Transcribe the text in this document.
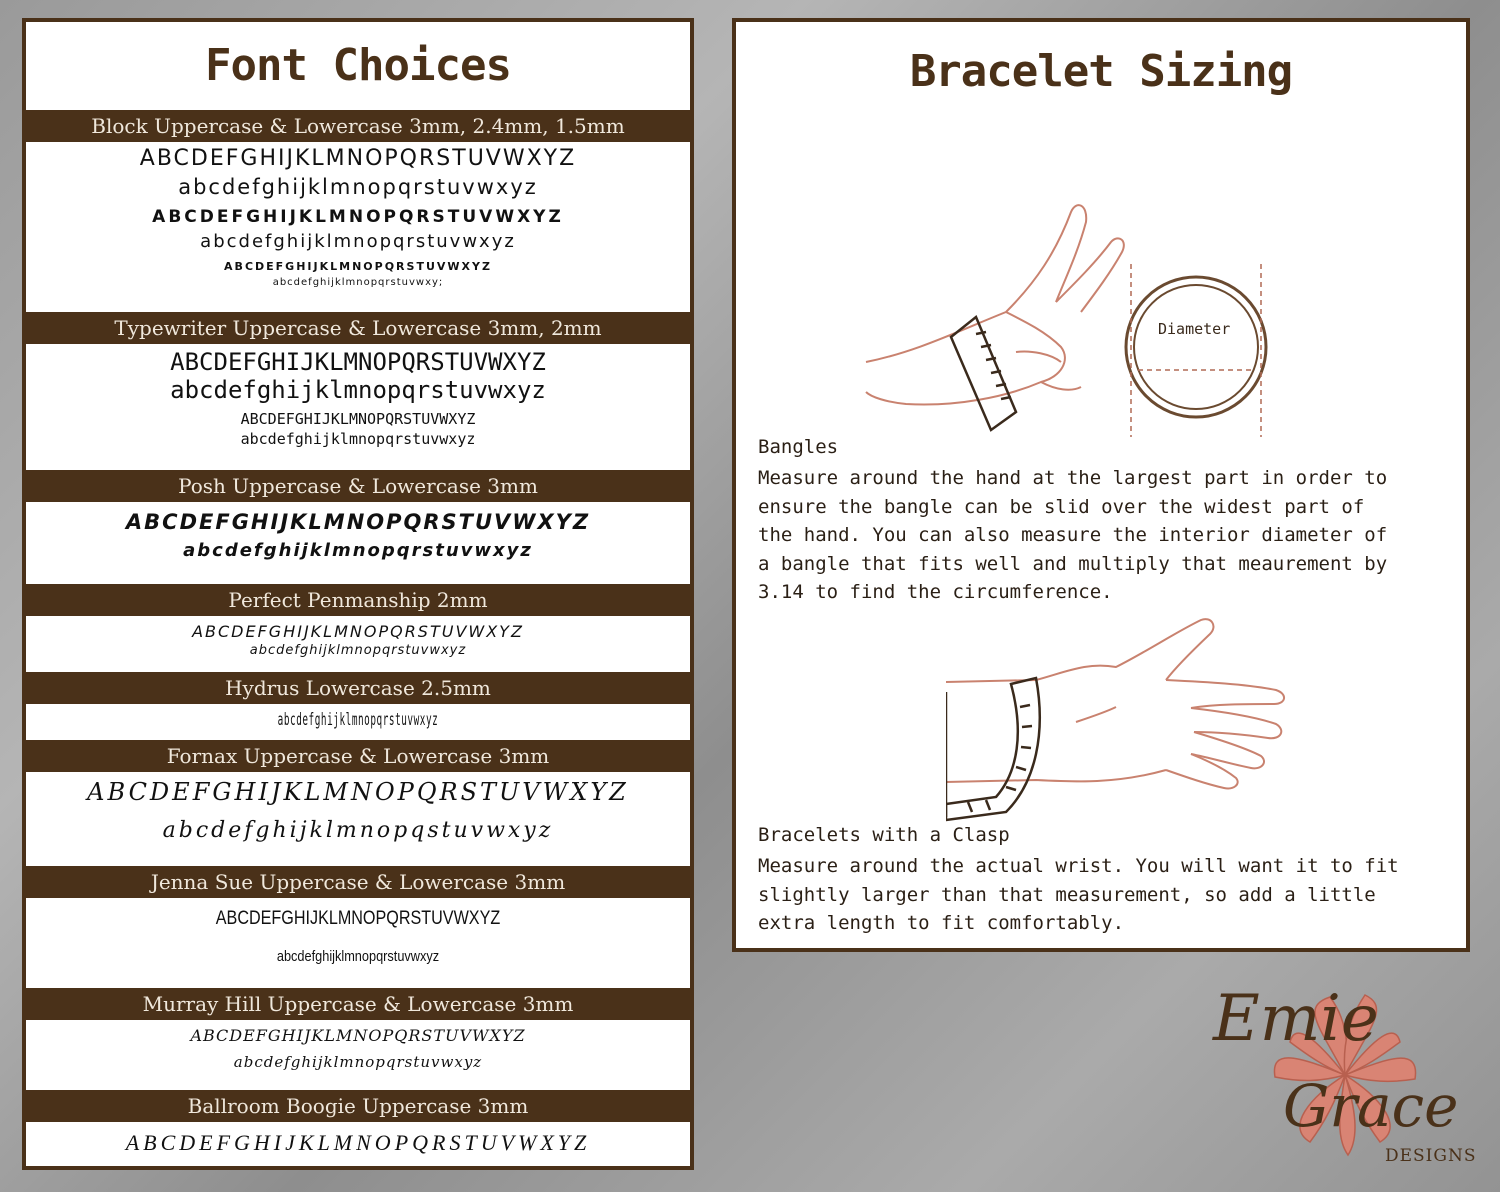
Font Choices
Block Uppercase & Lowercase 3mm, 2.4mm, 1.5mm
ABCDEFGHIJKLMNOPQRSTUVWXYZ
abcdefghijklmnopqrstuvwxyz
ABCDEFGHIJKLMNOPQRSTUVWXYZ
abcdefghijklmnopqrstuvwxyz
ABCDEFGHIJKLMNOPQRSTUVWXYZ
abcdefghijklmnopqrstuvwxy;
Typewriter Uppercase & Lowercase 3mm, 2mm
ABCDEFGHIJKLMNOPQRSTUVWXYZ
abcdefghijklmnopqrstuvwxyz
ABCDEFGHIJKLMNOPQRSTUVWXYZ
abcdefghijklmnopqrstuvwxyz
Posh Uppercase & Lowercase 3mm
ABCDEFGHIJKLMNOPQRSTUVWXYZ
abcdefghijklmnopqrstuvwxyz
Perfect Penmanship 2mm
ABCDEFGHIJKLMNOPQRSTUVWXYZ
abcdefghijklmnopqrstuvwxyz
Hydrus Lowercase 2.5mm
abcdefghijklmnopqrstuvwxyz
Fornax Uppercase & Lowercase 3mm
ABCDEFGHIJKLMNOPQRSTUVWXYZ
abcdefghijklmnopqstuvwxyz
Jenna Sue Uppercase & Lowercase 3mm
ABCDEFGHIJKLMNOPQRSTUVWXYZ
abcdefghijklmnopqrstuvwxyz
Murray Hill Uppercase & Lowercase 3mm
ABCDEFGHIJKLMNOPQRSTUVWXYZ
abcdefghijklmnopqrstuvwxyz
Ballroom Boogie Uppercase 3mm
ABCDEFGHIJKLMNOPQRSTUVWXYZ
Bracelet Sizing
Diameter
Bangles
Measure around the hand at the largest part in order to
ensure the bangle can be slid over the widest part of
the hand. You can also measure the interior diameter of
a bangle that fits well and multiply that meaurement by
3.14 to find the circumference.
Bracelets with a Clasp
Measure around the actual wrist. You will want it to fit
slightly larger than that measurement, so add a little
extra length to fit comfortably.
Emie
Grace
DESIGNS
